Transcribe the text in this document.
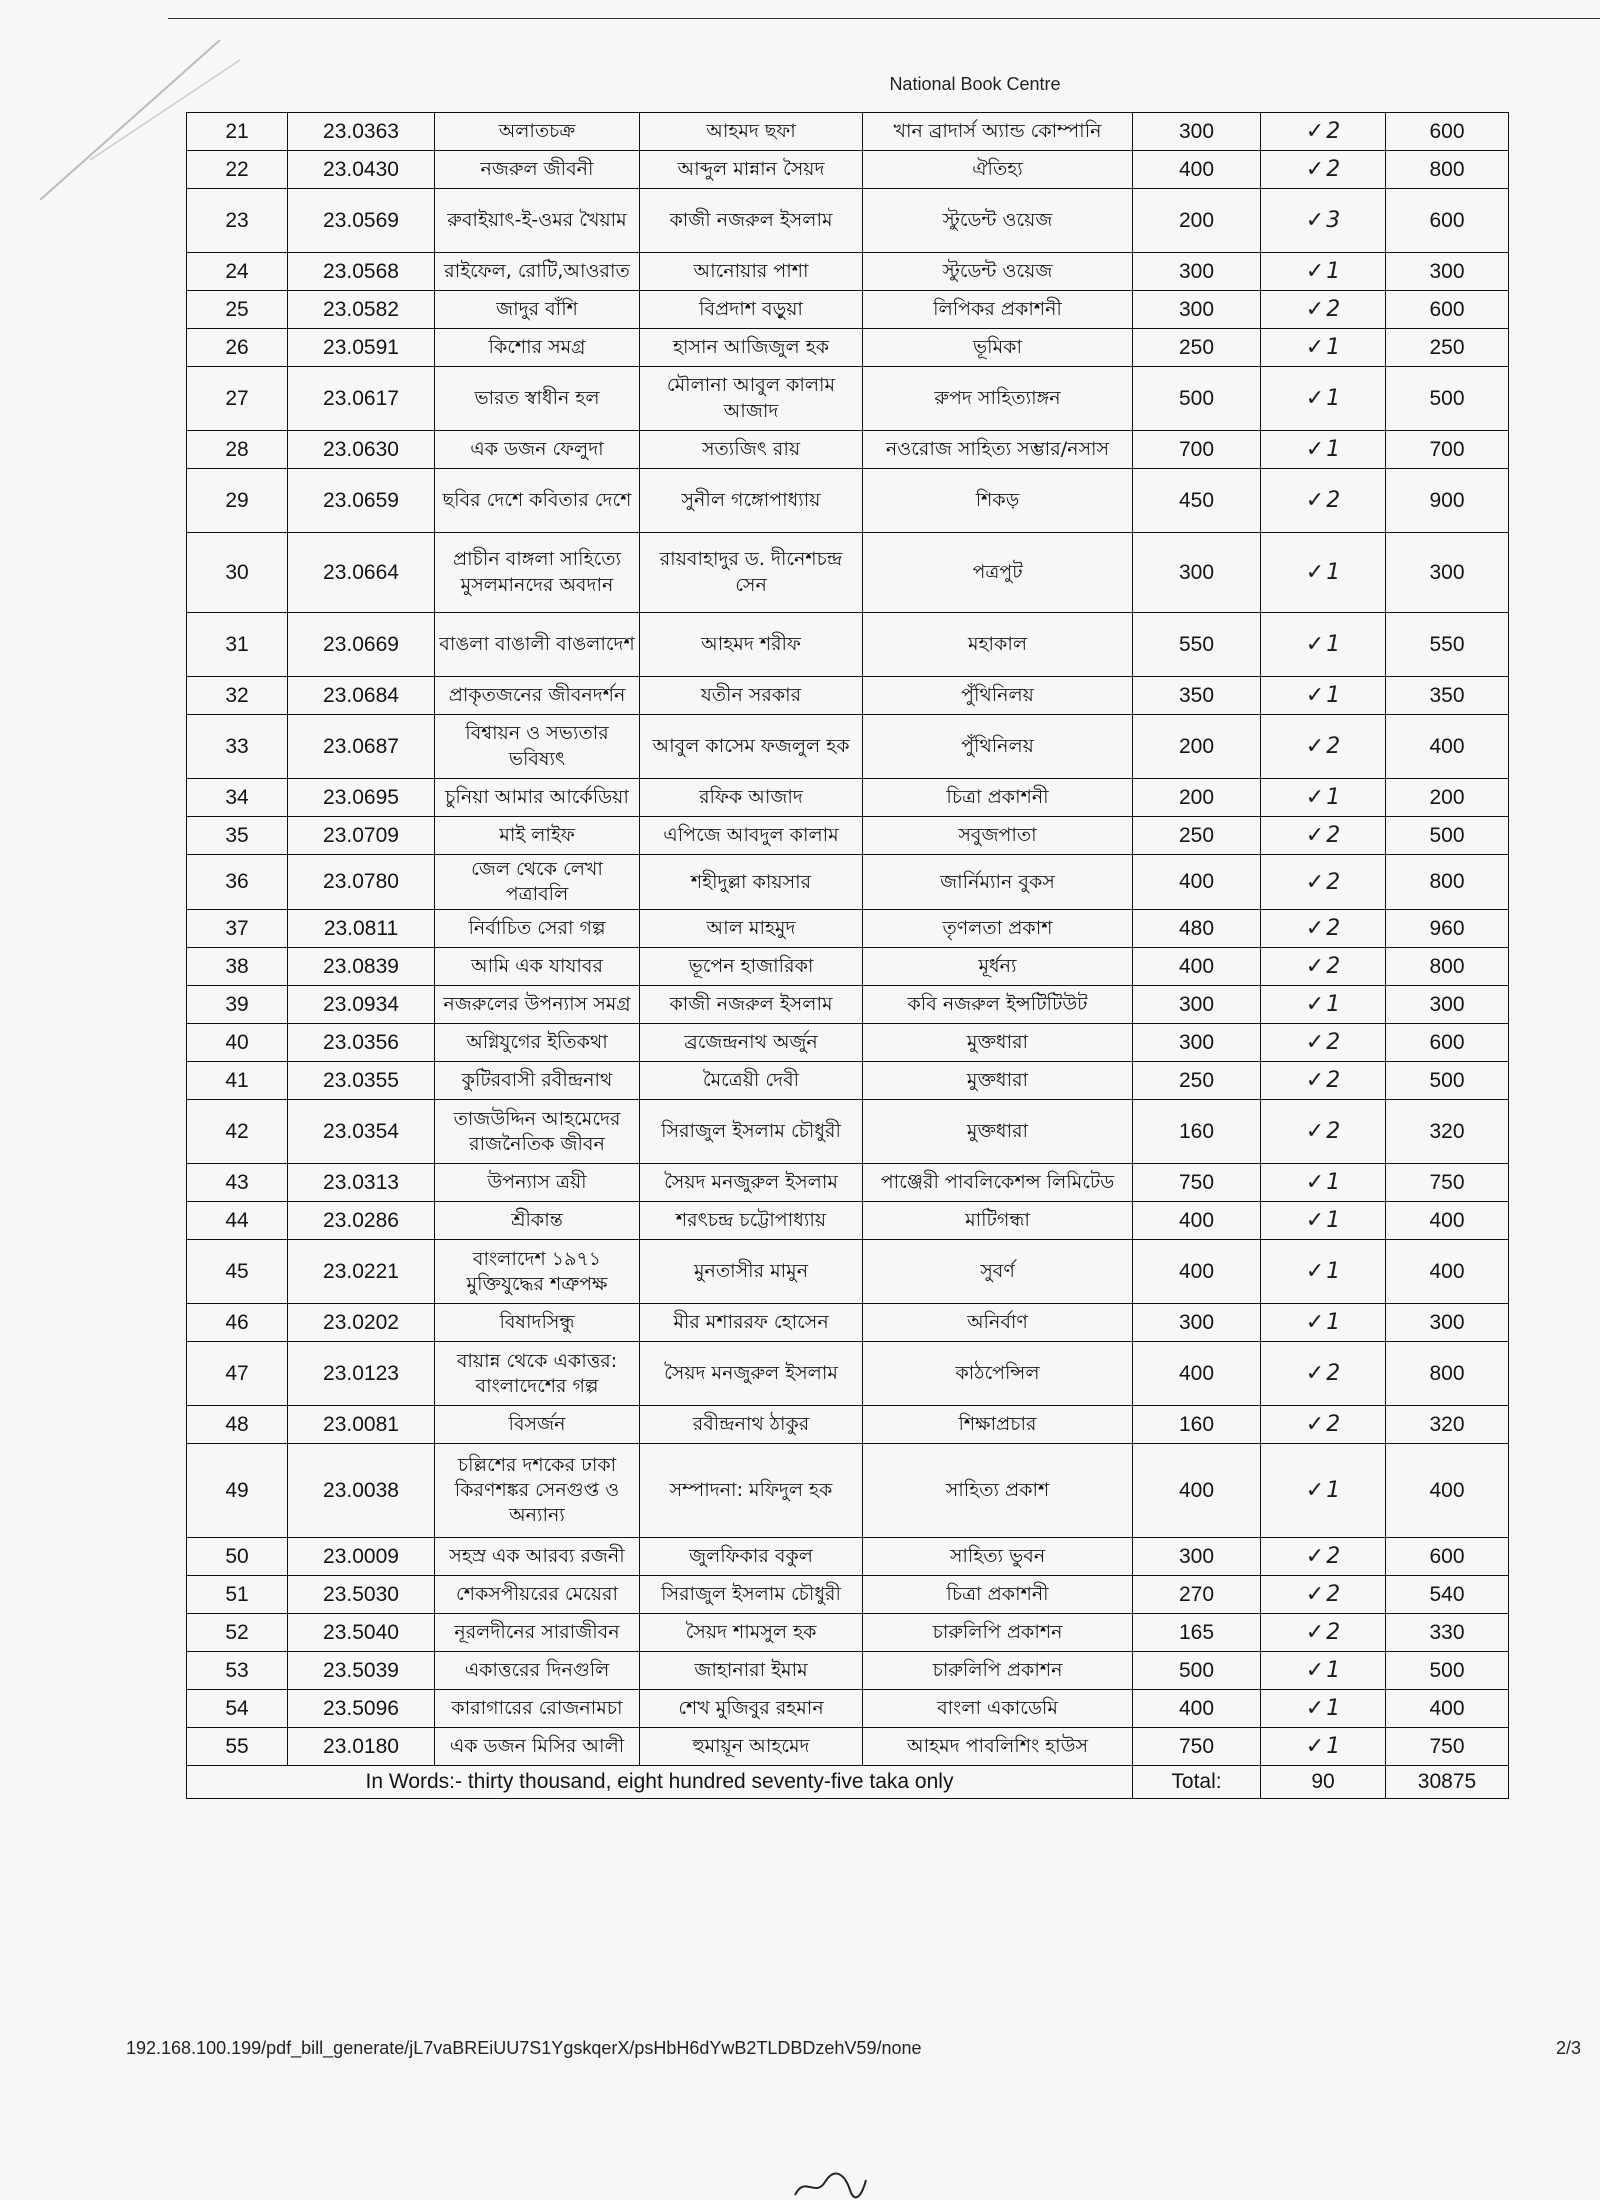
National Book Centre
21	23.0363	অলাতচক্র	আহমদ ছফা	খান ব্রাদার্স অ্যান্ড কোম্পানি	300	✓ 2	600
22	23.0430	নজরুল জীবনী	আব্দুল মান্নান সৈয়দ	ঐতিহ্য	400	✓ 2	800
23	23.0569	রুবাইয়াৎ-ই-ওমর খৈয়াম	কাজী নজরুল ইসলাম	স্টুডেন্ট ওয়েজ	200	✓ 3	600
24	23.0568	রাইফেল, রোটি,আওরাত	আনোয়ার পাশা	স্টুডেন্ট ওয়েজ	300	✓ 1	300
25	23.0582	জাদুর বাঁশি	বিপ্রদাশ বড়ুয়া	লিপিকর প্রকাশনী	300	✓ 2	600
26	23.0591	কিশোর সমগ্র	হাসান আজিজুল হক	ভূমিকা	250	✓ 1	250
27	23.0617	ভারত স্বাধীন হল	মৌলানা আবুল কালাম আজাদ	রুপদ সাহিত্যাঙ্গন	500	✓ 1	500
28	23.0630	এক ডজন ফেলুদা	সত্যজিৎ রায়	নওরোজ সাহিত্য সম্ভার/নসাস	700	✓ 1	700
29	23.0659	ছবির দেশে কবিতার দেশে	সুনীল গঙ্গোপাধ্যায়	শিকড়	450	✓ 2	900
30	23.0664	প্রাচীন বাঙ্গলা সাহিত্যে মুসলমানদের অবদান	রায়বাহাদুর ড. দীনেশচন্দ্র সেন	পত্রপুট	300	✓ 1	300
31	23.0669	বাঙলা বাঙালী বাঙলাদেশ	আহমদ শরীফ	মহাকাল	550	✓ 1	550
32	23.0684	প্রাকৃতজনের জীবনদর্শন	যতীন সরকার	পুঁথিনিলয়	350	✓ 1	350
33	23.0687	বিশ্বায়ন ও সভ্যতার ভবিষ্যৎ	আবুল কাসেম ফজলুল হক	পুঁথিনিলয়	200	✓ 2	400
34	23.0695	চুনিয়া আমার আর্কেডিয়া	রফিক আজাদ	চিত্রা প্রকাশনী	200	✓ 1	200
35	23.0709	মাই লাইফ	এপিজে আবদুল কালাম	সবুজপাতা	250	✓ 2	500
36	23.0780	জেল থেকে লেখা পত্রাবলি	শহীদুল্লা কায়সার	জার্নিম্যান বুকস	400	✓ 2	800
37	23.0811	নির্বাচিত সেরা গল্প	আল মাহমুদ	তৃণলতা প্রকাশ	480	✓ 2	960
38	23.0839	আমি এক যাযাবর	ভূপেন হাজারিকা	মূর্ধন্য	400	✓ 2	800
39	23.0934	নজরুলের উপন্যাস সমগ্র	কাজী নজরুল ইসলাম	কবি নজরুল ইন্সটিটিউট	300	✓ 1	300
40	23.0356	অগ্নিযুগের ইতিকথা	ব্রজেন্দ্রনাথ অর্জুন	মুক্তধারা	300	✓ 2	600
41	23.0355	কুটিরবাসী রবীন্দ্রনাথ	মৈত্রেয়ী দেবী	মুক্তধারা	250	✓ 2	500
42	23.0354	তাজউদ্দিন আহমেদের রাজনৈতিক জীবন	সিরাজুল ইসলাম চৌধুরী	মুক্তধারা	160	✓ 2	320
43	23.0313	উপন্যাস ত্রয়ী	সৈয়দ মনজুরুল ইসলাম	পাঞ্জেরী পাবলিকেশন্স লিমিটেড	750	✓ 1	750
44	23.0286	শ্রীকান্ত	শরৎচন্দ্র চট্টোপাধ্যায়	মাটিগন্ধা	400	✓ 1	400
45	23.0221	বাংলাদেশ ১৯৭১ মুক্তিযুদ্ধের শত্রুপক্ষ	মুনতাসীর মামুন	সুবর্ণ	400	✓ 1	400
46	23.0202	বিষাদসিন্ধু	মীর মশাররফ হোসেন	অনির্বাণ	300	✓ 1	300
47	23.0123	বায়ান্ন থেকে একাত্তর: বাংলাদেশের গল্প	সৈয়দ মনজুরুল ইসলাম	কাঠপেন্সিল	400	✓ 2	800
48	23.0081	বিসর্জন	রবীন্দ্রনাথ ঠাকুর	শিক্ষাপ্রচার	160	✓ 2	320
49	23.0038	চল্লিশের দশকের ঢাকা কিরণশঙ্কর সেনগুপ্ত ও অন্যান্য	সম্পাদনা: মফিদুল হক	সাহিত্য প্রকাশ	400	✓ 1	400
50	23.0009	সহস্র এক আরব্য রজনী	জুলফিকার বকুল	সাহিত্য ভুবন	300	✓ 2	600
51	23.5030	শেকসপীয়রের মেয়েরা	সিরাজুল ইসলাম চৌধুরী	চিত্রা প্রকাশনী	270	✓ 2	540
52	23.5040	নূরলদীনের সারাজীবন	সৈয়দ শামসুল হক	চারুলিপি প্রকাশন	165	✓ 2	330
53	23.5039	একাত্তরের দিনগুলি	জাহানারা ইমাম	চারুলিপি প্রকাশন	500	✓ 1	500
54	23.5096	কারাগারের রোজনামচা	শেখ মুজিবুর রহমান	বাংলা একাডেমি	400	✓ 1	400
55	23.0180	এক ডজন মিসির আলী	হুমায়ূন আহমেদ	আহমদ পাবলিশিং হাউস	750	✓ 1	750
In Words:- thirty thousand, eight hundred seventy-five taka only					Total:	90	30875
192.168.100.199/pdf_bill_generate/jL7vaBREiUU7S1YgskqerX/psHbH6dYwB2TLDBDzehV59/none	2/3
